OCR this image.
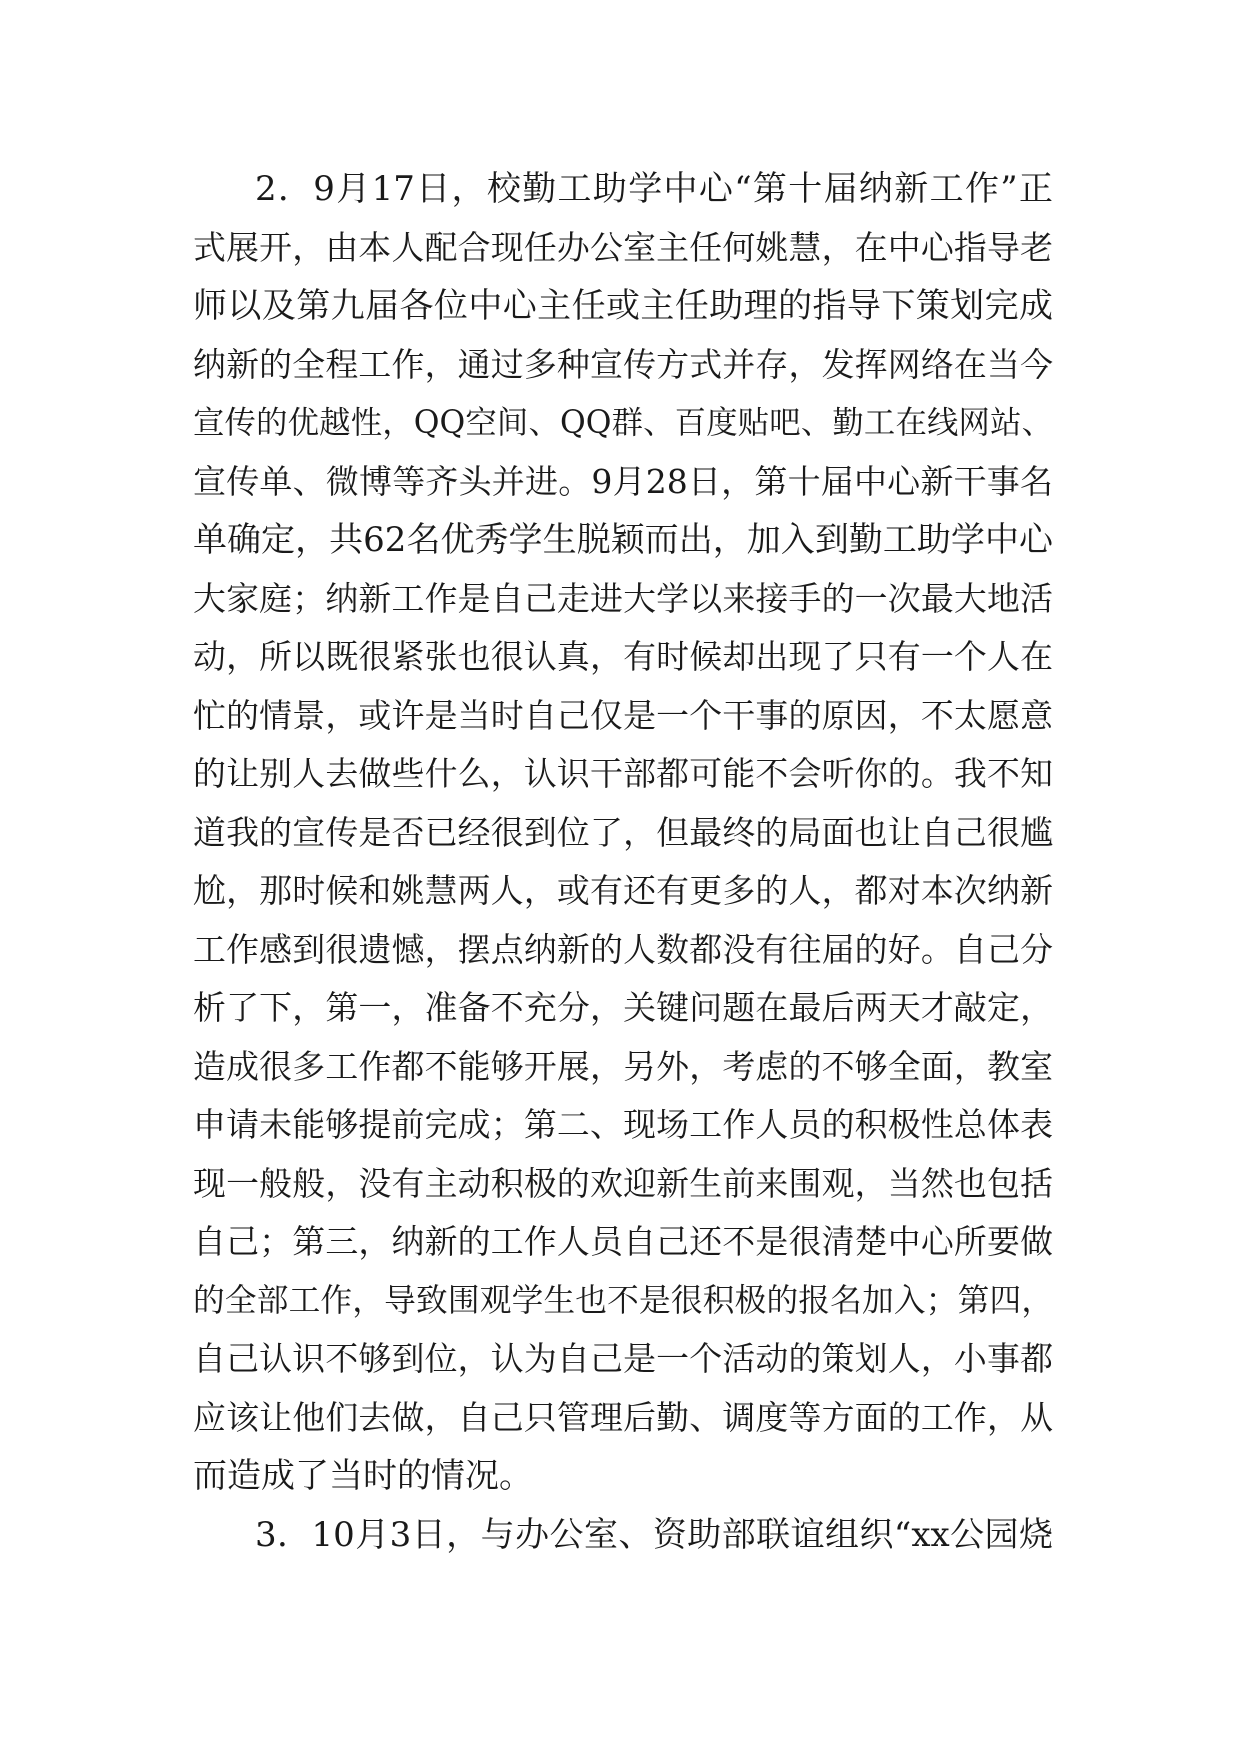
2．9月17日，校勤工助学中心“第十届纳新工作”正
式展开，由本人配合现任办公室主任何姚慧，在中心指导老
师以及第九届各位中心主任或主任助理的指导下策划完成
纳新的全程工作，通过多种宣传方式并存，发挥网络在当今
宣传的优越性，QQ空间、QQ群、百度贴吧、勤工在线网站、
宣传单、微博等齐头并进。9月28日，第十届中心新干事名
单确定，共62名优秀学生脱颖而出，加入到勤工助学中心
大家庭；纳新工作是自己走进大学以来接手的一次最大地活
动，所以既很紧张也很认真，有时候却出现了只有一个人在
忙的情景，或许是当时自己仅是一个干事的原因，不太愿意
的让别人去做些什么，认识干部都可能不会听你的。我不知
道我的宣传是否已经很到位了，但最终的局面也让自己很尴
尬，那时候和姚慧两人，或有还有更多的人，都对本次纳新
工作感到很遗憾，摆点纳新的人数都没有往届的好。自己分
析了下，第一，准备不充分，关键问题在最后两天才敲定，
造成很多工作都不能够开展，另外，考虑的不够全面，教室
申请未能够提前完成；第二、现场工作人员的积极性总体表
现一般般，没有主动积极的欢迎新生前来围观，当然也包括
自己；第三，纳新的工作人员自己还不是很清楚中心所要做
的全部工作，导致围观学生也不是很积极的报名加入；第四，
自己认识不够到位，认为自己是一个活动的策划人，小事都
应该让他们去做，自己只管理后勤、调度等方面的工作，从
而造成了当时的情况。
3．10月3日，与办公室、资助部联谊组织“xx公园烧
